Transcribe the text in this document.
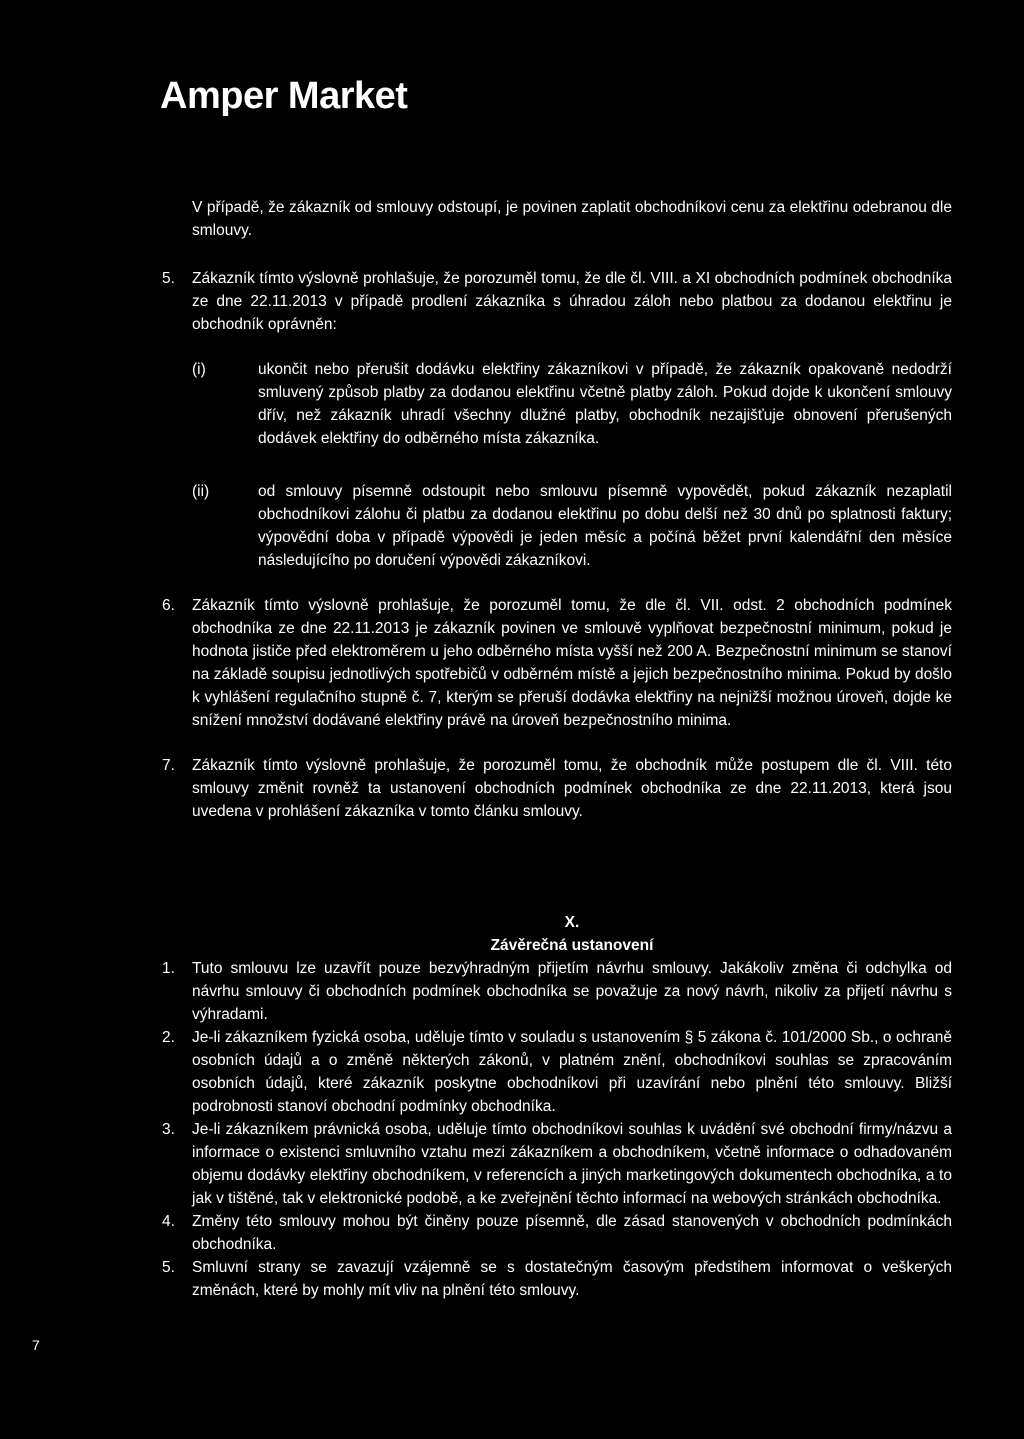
Amper Market

V případě, že zákazník od smlouvy odstoupí, je povinen zaplatit obchodníkovi cenu za elektřinu odebranou dle smlouvy.

5. Zákazník tímto výslovně prohlašuje, že porozuměl tomu, že dle čl. VIII. a XI obchodních podmínek obchodníka ze dne 22.11.2013 v případě prodlení zákazníka s úhradou záloh nebo platbou za dodanou elektřinu je obchodník oprávněn:

(i)	ukončit nebo přerušit dodávku elektřiny zákazníkovi v případě, že zákazník opakovaně nedodrží smluvený způsob platby za dodanou elektřinu včetně platby záloh. Pokud dojde k ukončení smlouvy dřív, než zákazník uhradí všechny dlužné platby, obchodník nezajišťuje obnovení přerušených dodávek elektřiny do odběrného místa zákazníka.

(ii)	od smlouvy písemně odstoupit nebo smlouvu písemně vypovědět, pokud zákazník nezaplatil obchodníkovi zálohu či platbu za dodanou elektřinu po dobu delší než 30 dnů po splatnosti faktury; výpovědní doba v případě výpovědi je jeden měsíc a počíná běžet první kalendářní den měsíce následujícího po doručení výpovědi zákazníkovi.

6. Zákazník tímto výslovně prohlašuje, že porozuměl tomu, že dle čl. VII. odst. 2 obchodních podmínek obchodníka ze dne 22.11.2013 je zákazník povinen ve smlouvě vyplňovat bezpečnostní minimum, pokud je hodnota jističe před elektroměrem u jeho odběrného místa vyšší než 200 A. Bezpečnostní minimum se stanoví na základě soupisu jednotlivých spotřebičů v odběrném místě a jejich bezpečnostního minima. Pokud by došlo k vyhlášení regulačního stupně č. 7, kterým se přeruší dodávka elektřiny na nejnižší možnou úroveň, dojde ke snížení množství dodávané elektřiny právě na úroveň bezpečnostního minima.

7. Zákazník tímto výslovně prohlašuje, že porozuměl tomu, že obchodník může postupem dle čl. VIII. této smlouvy změnit rovněž ta ustanovení obchodních podmínek obchodníka ze dne 22.11.2013, která jsou uvedena v prohlášení zákazníka v tomto článku smlouvy.

X.
Závěrečná ustanovení
1. Tuto smlouvu lze uzavřít pouze bezvýhradným přijetím návrhu smlouvy. Jakákoliv změna či odchylka od návrhu smlouvy či obchodních podmínek obchodníka se považuje za nový návrh, nikoliv za přijetí návrhu s výhradami.

2. Je-li zákazníkem fyzická osoba, uděluje tímto v souladu s ustanovením § 5 zákona č. 101/2000 Sb., o ochraně osobních údajů a o změně některých zákonů, v platném znění, obchodníkovi souhlas se zpracováním osobních údajů, které zákazník poskytne obchodníkovi při uzavírání nebo plnění této smlouvy. Bližší podrobnosti stanoví obchodní podmínky obchodníka.

3. Je-li zákazníkem právnická osoba, uděluje tímto obchodníkovi souhlas k uvádění své obchodní firmy/názvu a informace o existenci smluvního vztahu mezi zákazníkem a obchodníkem, včetně informace o odhadovaném objemu dodávky elektřiny obchodníkem, v referencích a jiných marketingových dokumentech obchodníka, a to jak v tištěné, tak v elektronické podobě, a ke zveřejnění těchto informací na webových stránkách obchodníka.

4. Změny této smlouvy mohou být činěny pouze písemně, dle zásad stanovených v obchodních podmínkách obchodníka.

5. Smluvní strany se zavazují vzájemně se s dostatečným časovým předstihem informovat o veškerých změnách, které by mohly mít vliv na plnění této smlouvy.

7
